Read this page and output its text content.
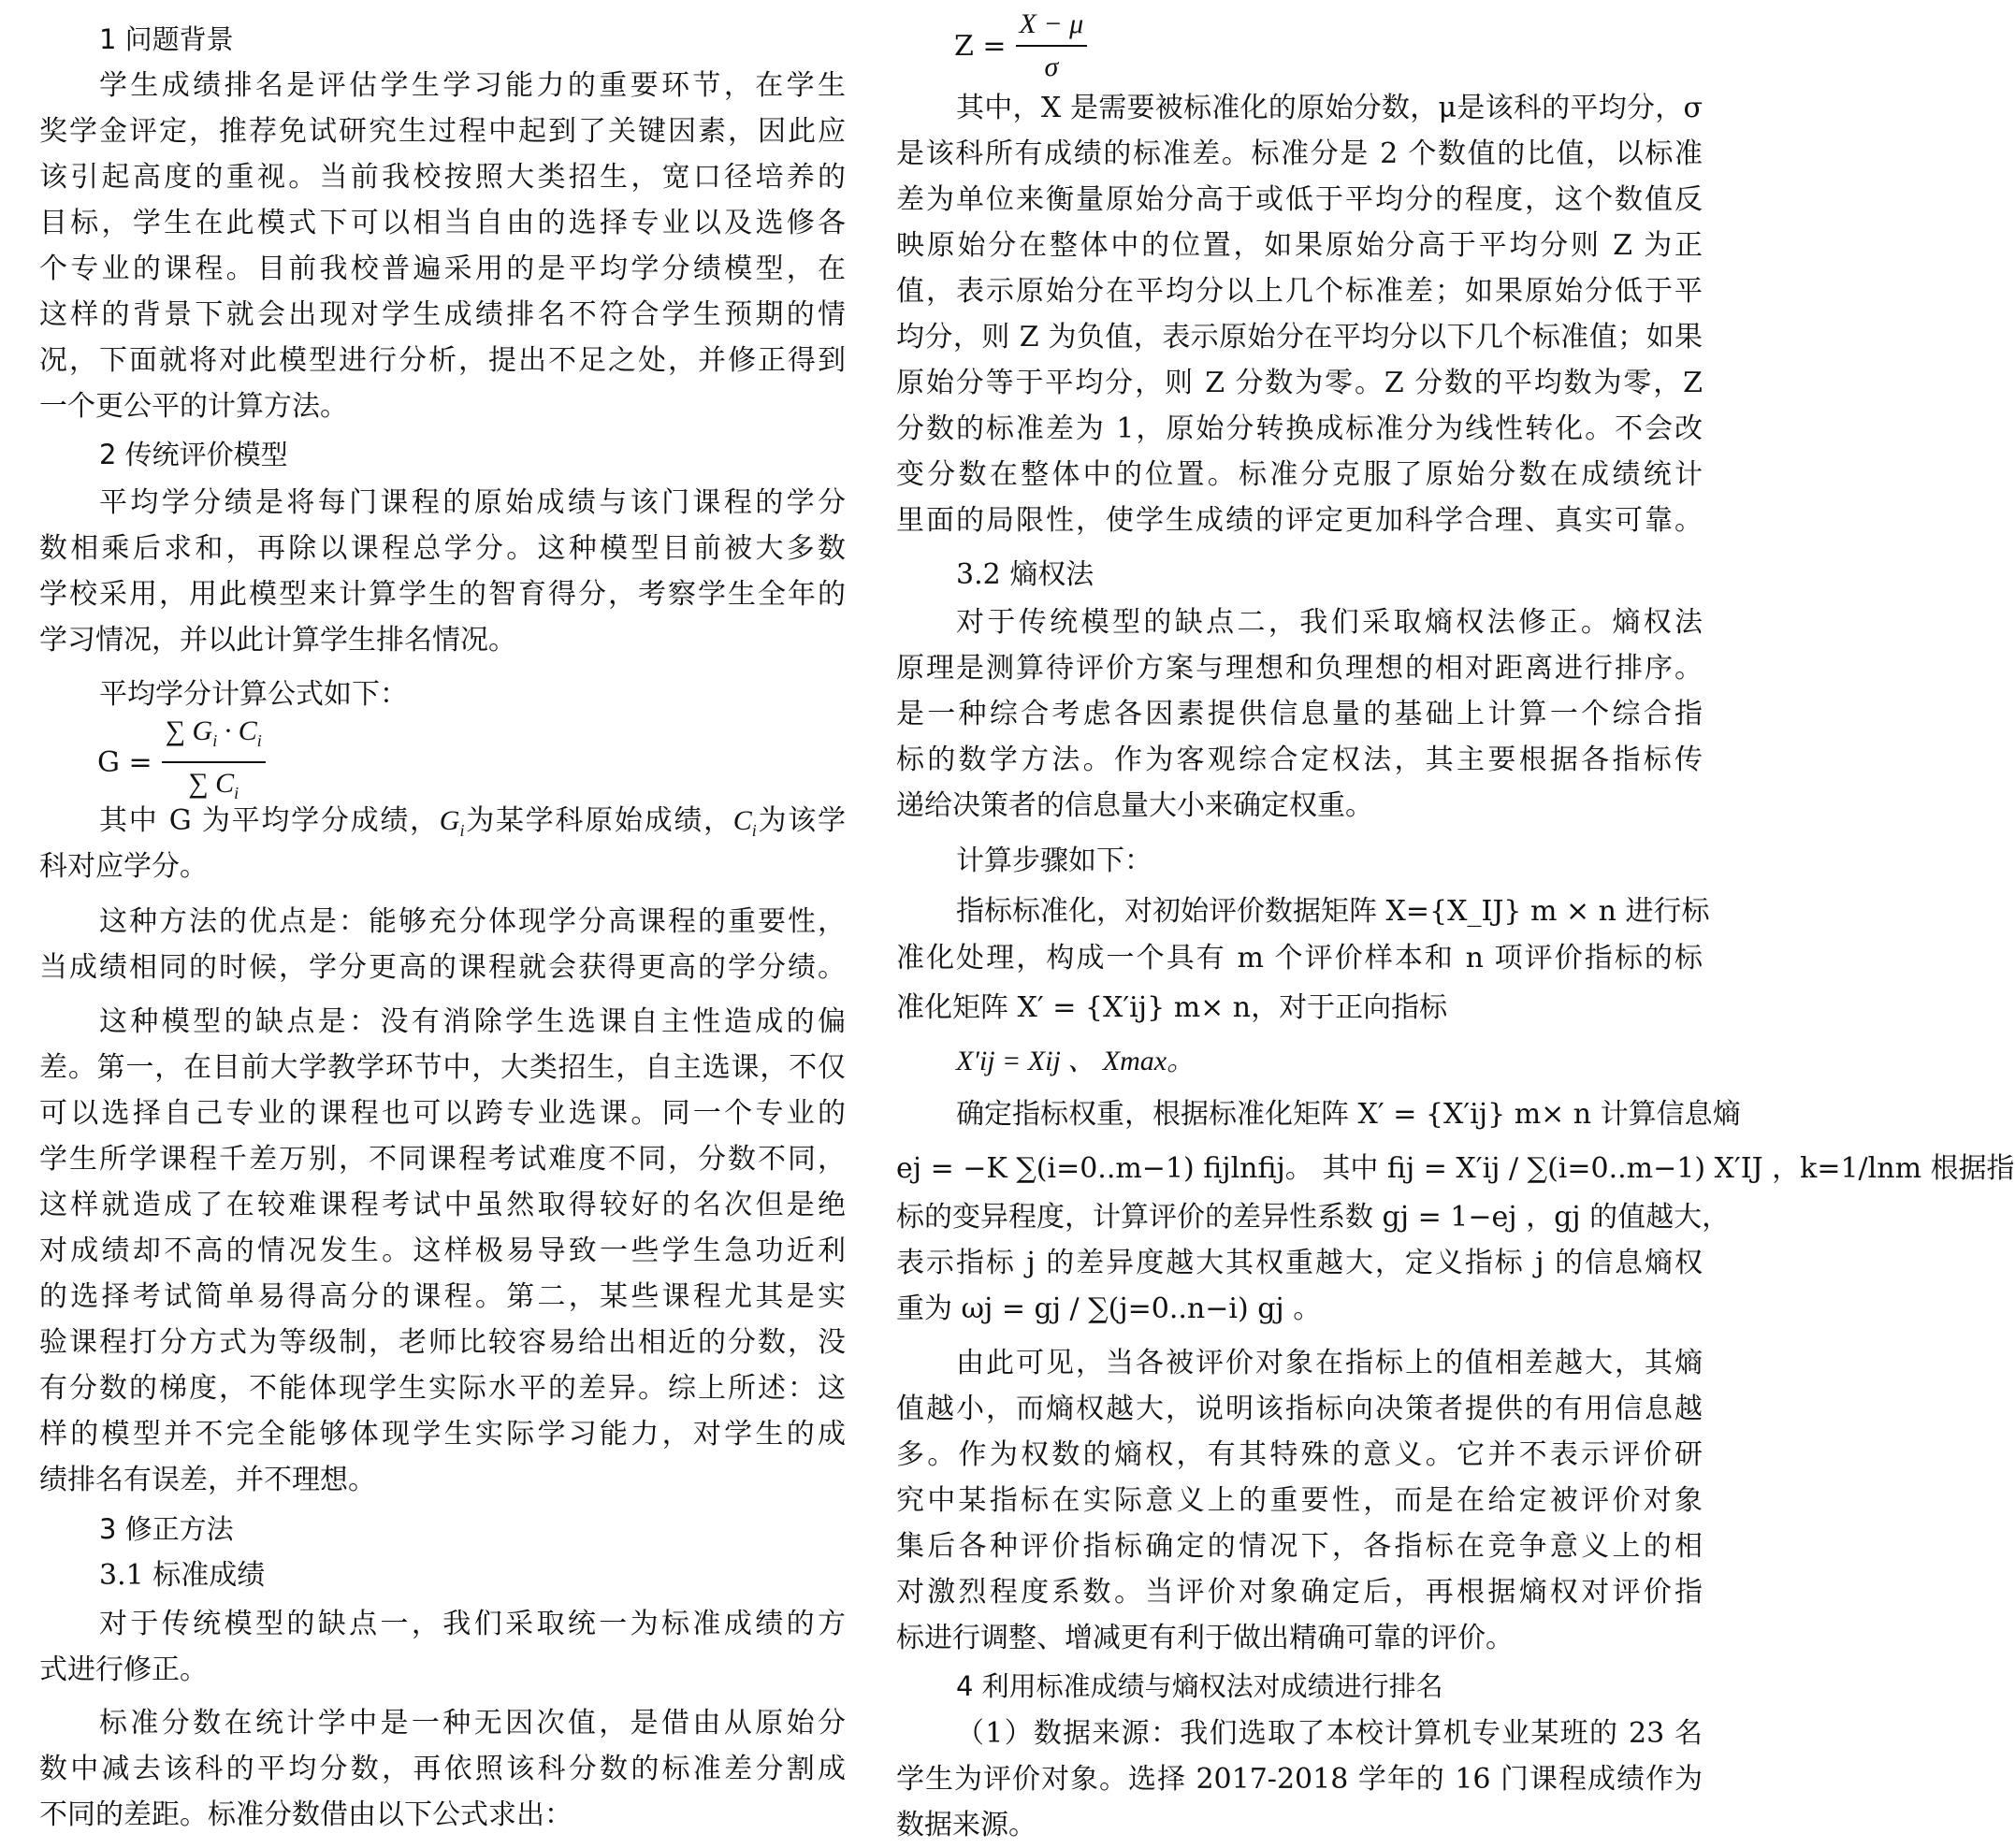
1 问题背景
学生成绩排名是评估学生学习能力的重要环节，在学生
奖学金评定，推荐免试研究生过程中起到了关键因素，因此应
该引起高度的重视。当前我校按照大类招生，宽口径培养的
目标，学生在此模式下可以相当自由的选择专业以及选修各
个专业的课程。目前我校普遍采用的是平均学分绩模型，在
这样的背景下就会出现对学生成绩排名不符合学生预期的情
况，下面就将对此模型进行分析，提出不足之处，并修正得到
一个更公平的计算方法。
2 传统评价模型
平均学分绩是将每门课程的原始成绩与该门课程的学分
数相乘后求和，再除以课程总学分。这种模型目前被大多数
学校采用，用此模型来计算学生的智育得分，考察学生全年的
学习情况，并以此计算学生排名情况。
平均学分计算公式如下：
$G = \frac{\sum G_i \cdot C_i}{\sum C_i}$
其中 G 为平均学分成绩，$G_i$为某学科原始成绩，$C_i$为该学
科对应学分。
这种方法的优点是：能够充分体现学分高课程的重要性，
当成绩相同的时候，学分更高的课程就会获得更高的学分绩。
这种模型的缺点是：没有消除学生选课自主性造成的偏
差。第一，在目前大学教学环节中，大类招生，自主选课，不仅
可以选择自己专业的课程也可以跨专业选课。同一个专业的
学生所学课程千差万别，不同课程考试难度不同，分数不同，
这样就造成了在较难课程考试中虽然取得较好的名次但是绝
对成绩却不高的情况发生。这样极易导致一些学生急功近利
的选择考试简单易得高分的课程。第二，某些课程尤其是实
验课程打分方式为等级制，老师比较容易给出相近的分数，没
有分数的梯度，不能体现学生实际水平的差异。综上所述：这
样的模型并不完全能够体现学生实际学习能力，对学生的成
绩排名有误差，并不理想。
3 修正方法
3.1 标准成绩
对于传统模型的缺点一，我们采取统一为标准成绩的方
式进行修正。
标准分数在统计学中是一种无因次值，是借由从原始分
数中减去该科的平均分数，再依照该科分数的标准差分割成
不同的差距。标准分数借由以下公式求出：
$Z = \frac{X - \mu}{\sigma}$
其中，X 是需要被标准化的原始分数，μ是该科的平均分，σ
是该科所有成绩的标准差。标准分是 2 个数值的比值，以标准
差为单位来衡量原始分高于或低于平均分的程度，这个数值反
映原始分在整体中的位置，如果原始分高于平均分则 Z 为正
值，表示原始分在平均分以上几个标准差；如果原始分低于平
均分，则 Z 为负值，表示原始分在平均分以下几个标准值；如果
原始分等于平均分，则 Z 分数为零。Z 分数的平均数为零，Z
分数的标准差为 1，原始分转换成标准分为线性转化。不会改
变分数在整体中的位置。标准分克服了原始分数在成绩统计
里面的局限性，使学生成绩的评定更加科学合理、真实可靠。
3.2 熵权法
对于传统模型的缺点二，我们采取熵权法修正。熵权法
原理是测算待评价方案与理想和负理想的相对距离进行排序。
是一种综合考虑各因素提供信息量的基础上计算一个综合指
标的数学方法。作为客观综合定权法，其主要根据各指标传
递给决策者的信息量大小来确定权重。
计算步骤如下：
指标标准化，对初始评价数据矩阵 X={X_IJ} m × n 进行标
准化处理，构成一个具有 m 个评价样本和 n 项评价指标的标
准化矩阵 X′ = {X′ij} m× n，对于正向指标
X′ij = Xij 、 Xmax。
确定指标权重，根据标准化矩阵 X′ = {X′ij} m× n 计算信息熵
ej = −K ∑(i=0..m−1) fijlnfij。 其中 fij = X′ij / ∑(i=0..m−1) X′IJ ，k=1/lnm 根据指
标的变异程度，计算评价的差异性系数 gj = 1−ej ，gj 的值越大，
表示指标 j 的差异度越大其权重越大，定义指标 j 的信息熵权
重为 ωj = gj / ∑(j=0..n−i) gj 。
由此可见，当各被评价对象在指标上的值相差越大，其熵
值越小，而熵权越大，说明该指标向决策者提供的有用信息越
多。作为权数的熵权，有其特殊的意义。它并不表示评价研
究中某指标在实际意义上的重要性，而是在给定被评价对象
集后各种评价指标确定的情况下，各指标在竞争意义上的相
对激烈程度系数。当评价对象确定后，再根据熵权对评价指
标进行调整、增减更有利于做出精确可靠的评价。
4 利用标准成绩与熵权法对成绩进行排名
（1）数据来源：我们选取了本校计算机专业某班的 23 名
学生为评价对象。选择 2017-2018 学年的 16 门课程成绩作为
数据来源。
